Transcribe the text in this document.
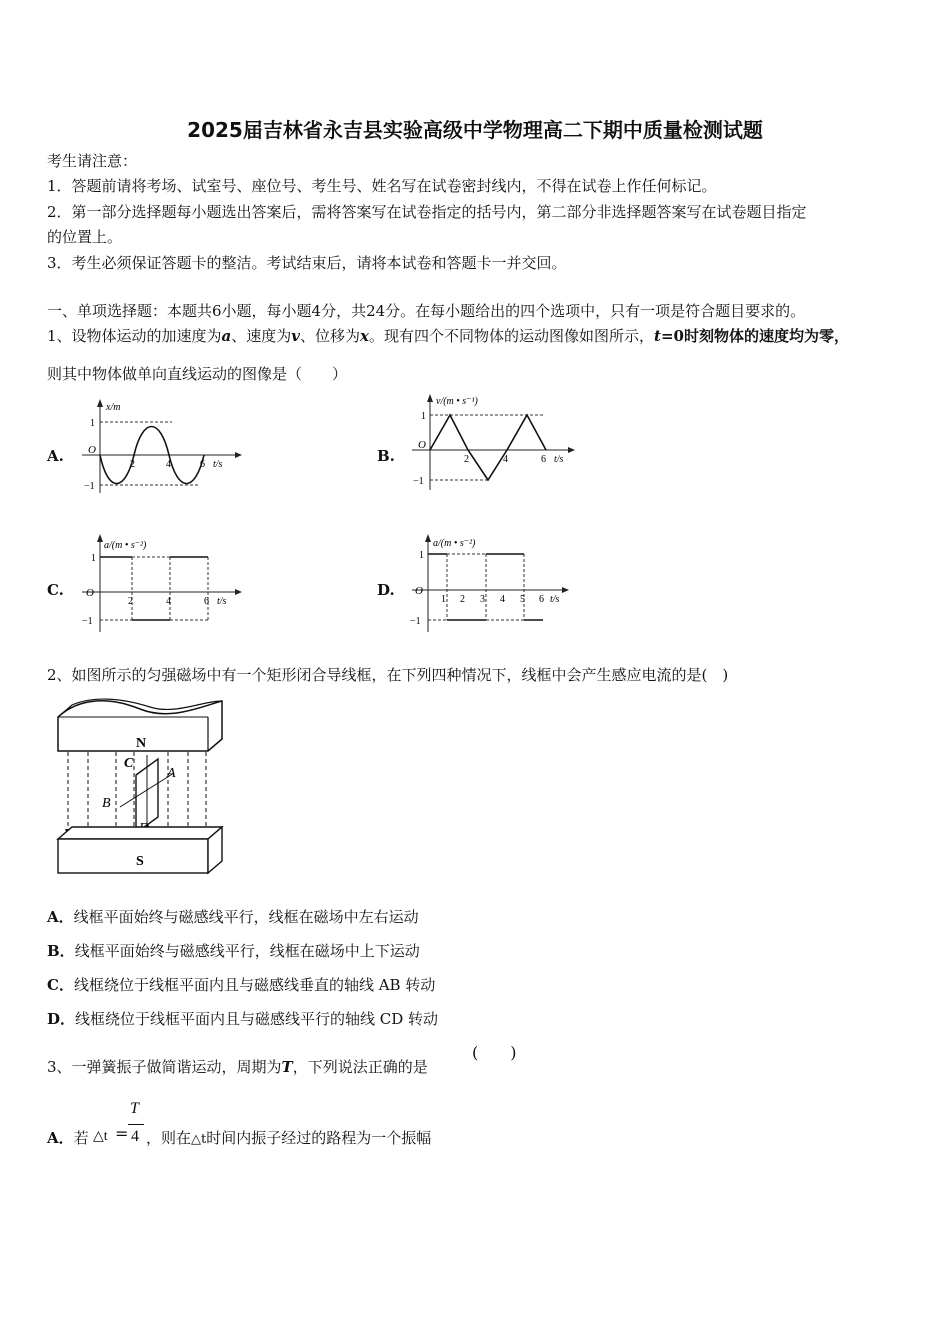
2025届吉林省永吉县实验高级中学物理高二下期中质量检测试题
考生请注意：
1．答题前请将考场、试室号、座位号、考生号、姓名写在试卷密封线内，不得在试卷上作任何标记。
2．第一部分选择题每小题选出答案后，需将答案写在试卷指定的括号内，第二部分非选择题答案写在试卷题目指定
的位置上。
3．考生必须保证答题卡的整洁。考试结束后，请将本试卷和答题卡一并交回。
一、单项选择题：本题共6小题，每小题4分，共24分。在每小题给出的四个选项中，只有一项是符合题目要求的。
1、设物体运动的加速度为a、速度为v、位移为x。现有四个不同物体的运动图像如图所示，t=0时刻物体的速度均为零，
则其中物体做单向直线运动的图像是（　　）
A.
x/m
1
−1
O
2	4	6 t/s	B.
v/(m • s⁻¹)
1
−1
O
2	4	6 t/s
C.
a/(m • s⁻²)
1
−1
O
2	4	6 t/s
D.
a/(m • s⁻²)
1
−1
O
1 2 3 4 5 6 t/s
2、如图所示的匀强磁场中有一个矩形闭合导线框，在下列四种情况下，线框中会产生感应电流的是(　)
N
C
A
B
S
A．线框平面始终与磁感线平行，线框在磁场中左右运动
B．线框平面始终与磁感线平行，线框在磁场中上下运动
C．线框绕位于线框平面内且与磁感线垂直的轴线 AB 转动
D．线框绕位于线框平面内且与磁感线平行的轴线 CD 转动
3、一弹簧振子做简谐运动，周期为T，下列说法正确的是
(　　)
A．若 △t =
T
4 ，则在△t时间内振子经过的路程为一个振幅
